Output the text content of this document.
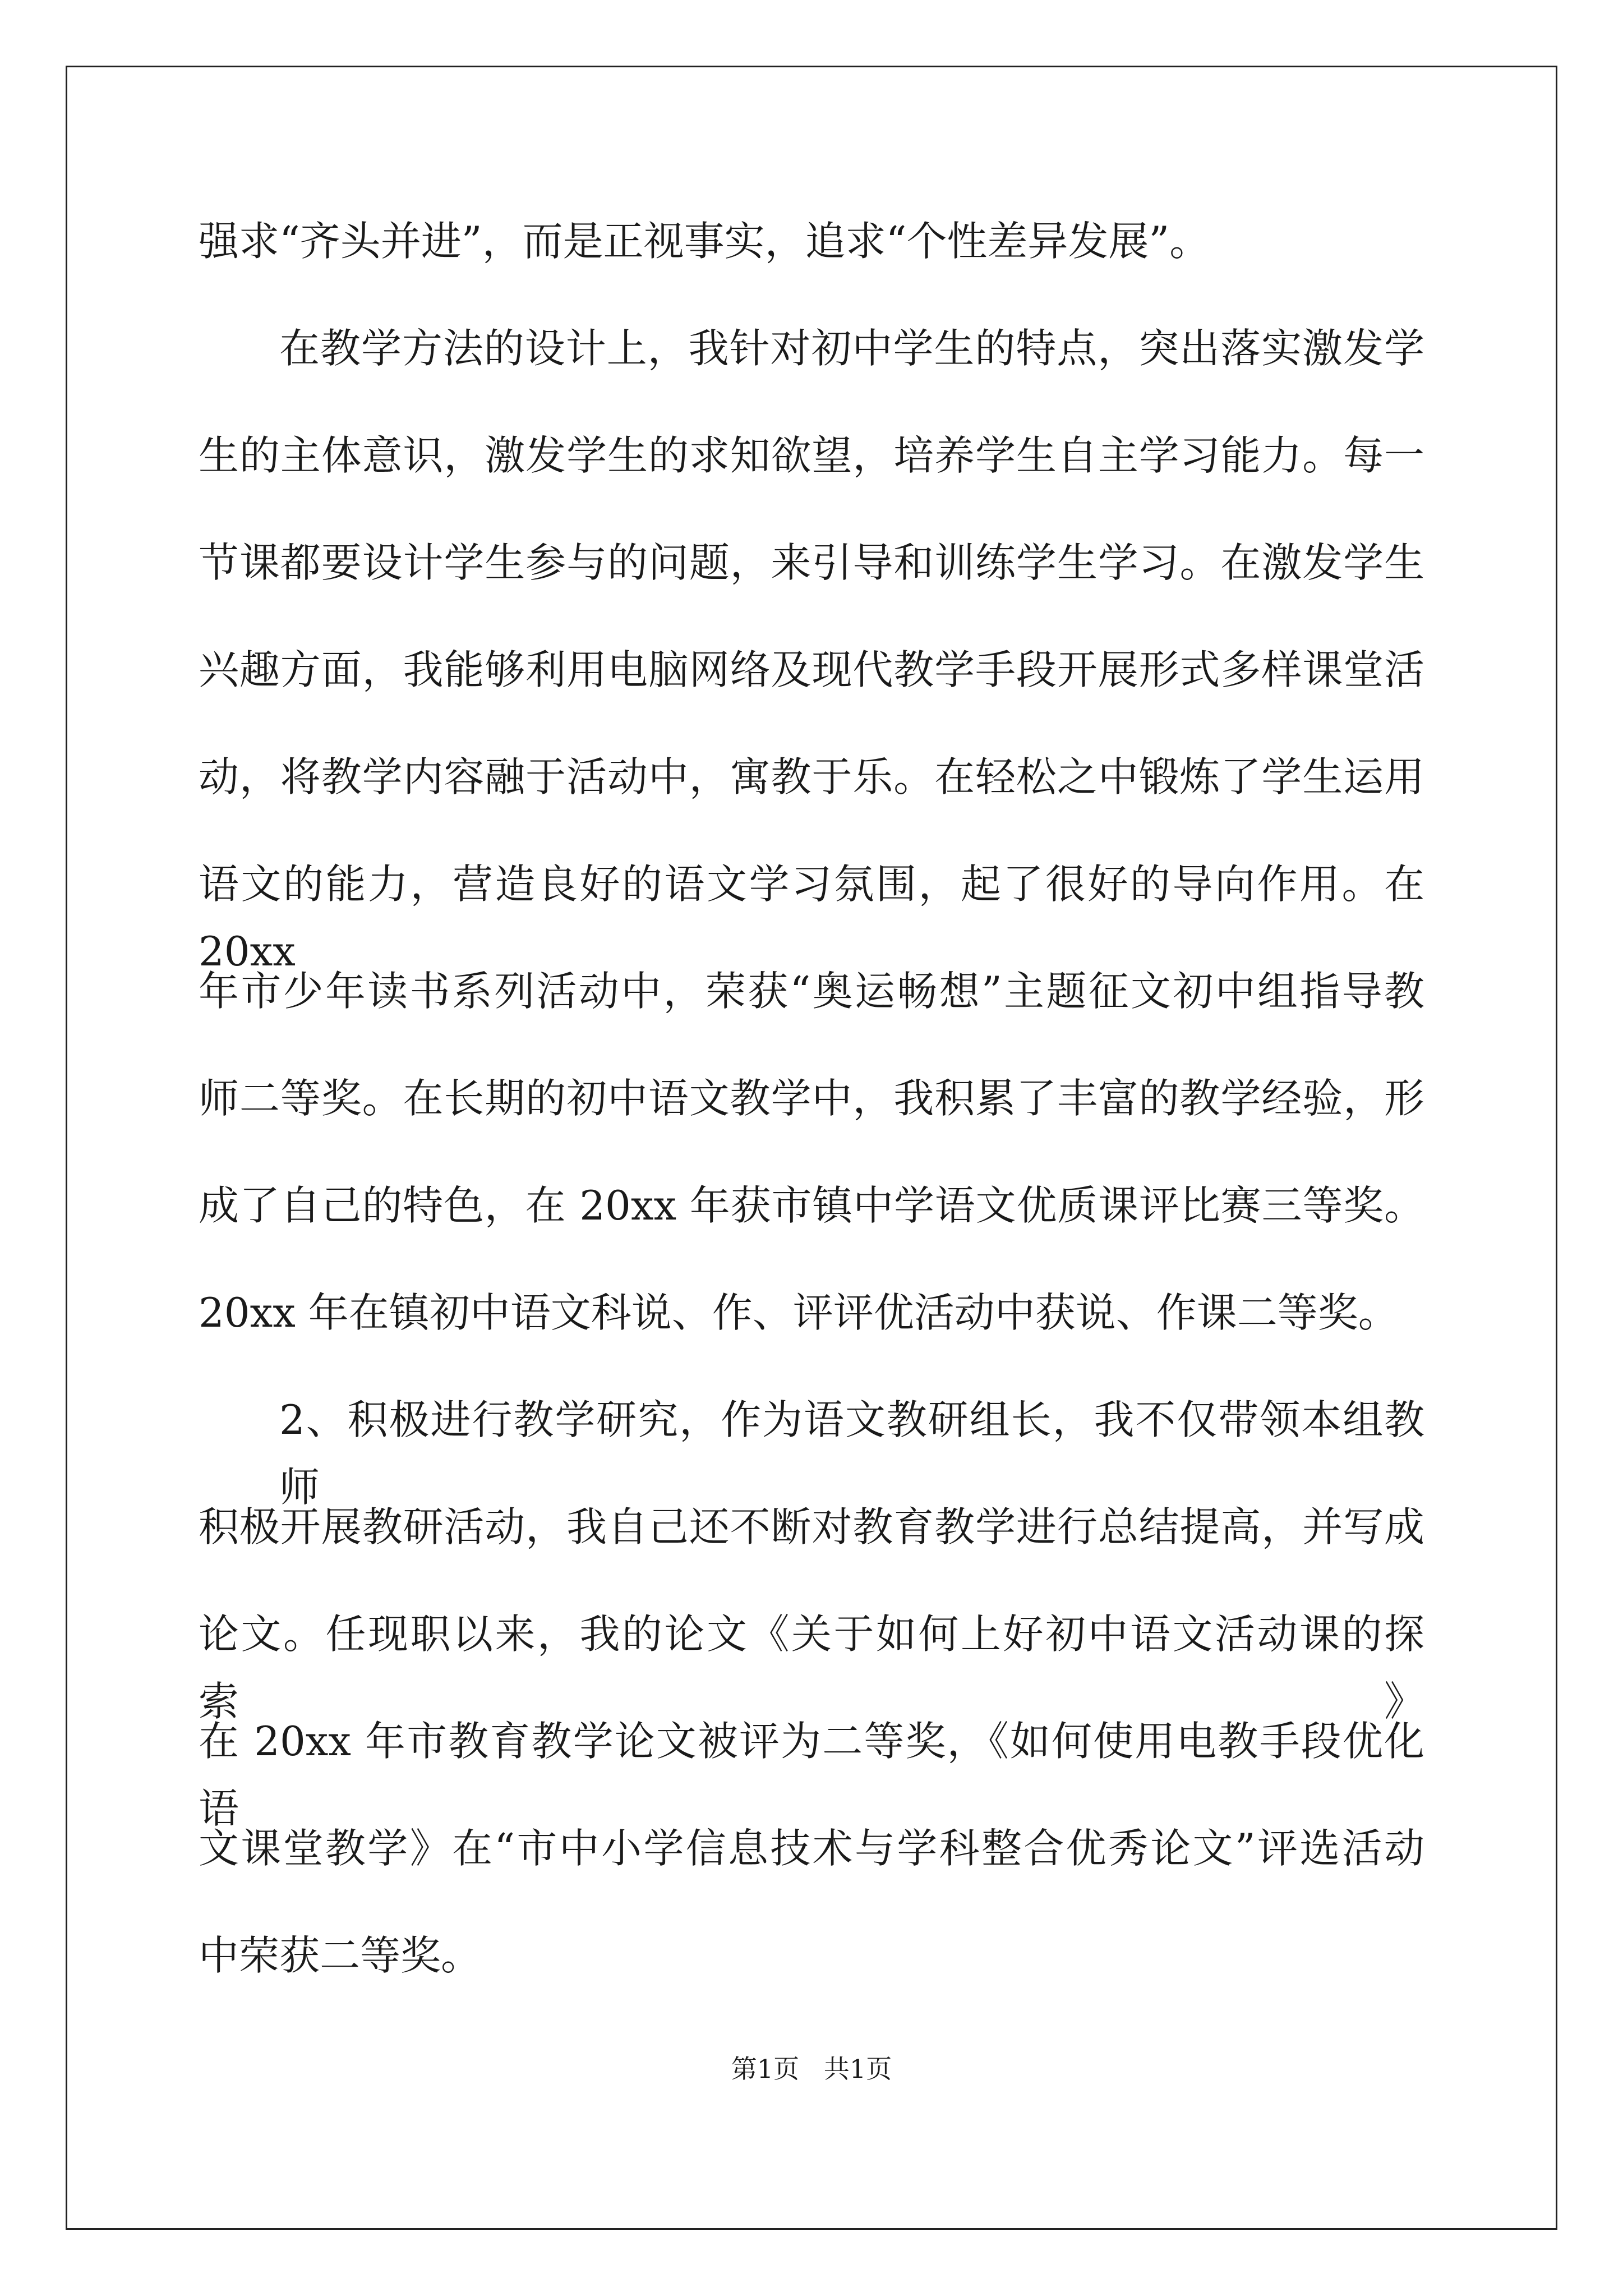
强求“齐头并进”，而是正视事实，追求“个性差异发展”。
在教学方法的设计上，我针对初中学生的特点，突出落实激发学
生的主体意识，激发学生的求知欲望，培养学生自主学习能力。每一
节课都要设计学生参与的问题，来引导和训练学生学习。在激发学生
兴趣方面，我能够利用电脑网络及现代教学手段开展形式多样课堂活
动，将教学内容融于活动中，寓教于乐。在轻松之中锻炼了学生运用
语文的能力，营造良好的语文学习氛围，起了很好的导向作用。在 20xx
年市少年读书系列活动中，荣获“奥运畅想”主题征文初中组指导教
师二等奖。在长期的初中语文教学中，我积累了丰富的教学经验，形
成了自己的特色，在 20xx 年获市镇中学语文优质课评比赛三等奖。
20xx 年在镇初中语文科说、作、评评优活动中获说、作课二等奖。
2、积极进行教学研究，作为语文教研组长，我不仅带领本组教师
积极开展教研活动，我自己还不断对教育教学进行总结提高，并写成
论文。任现职以来，我的论文《关于如何上好初中语文活动课的探索》
在 20xx 年市教育教学论文被评为二等奖，《如何使用电教手段优化语
文课堂教学》在“市中小学信息技术与学科整合优秀论文”评选活动
中荣获二等奖。
第1页   共1页
